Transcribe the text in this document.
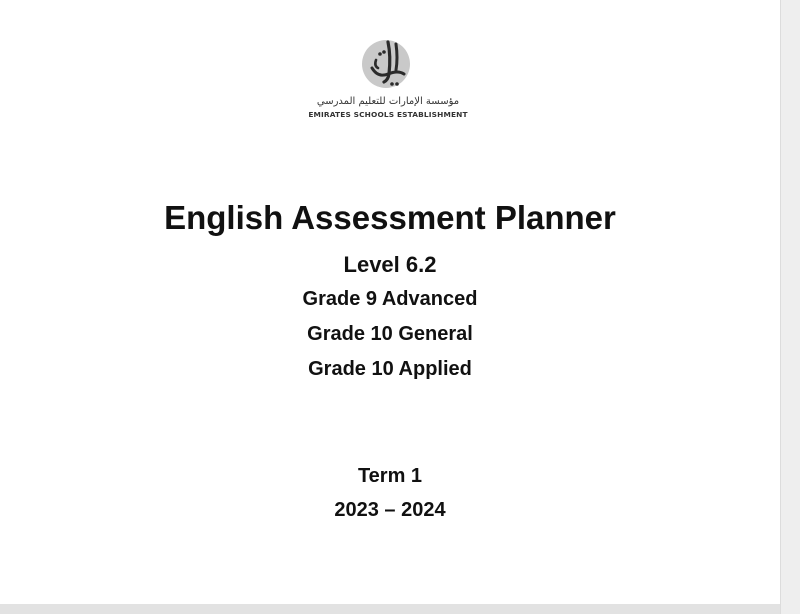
مؤسسة الإمارات للتعليم المدرسي
EMIRATES SCHOOLS ESTABLISHMENT
English Assessment Planner
Level 6.2
Grade 9 Advanced
Grade 10 General
Grade 10 Applied
Term 1
2023 – 2024
